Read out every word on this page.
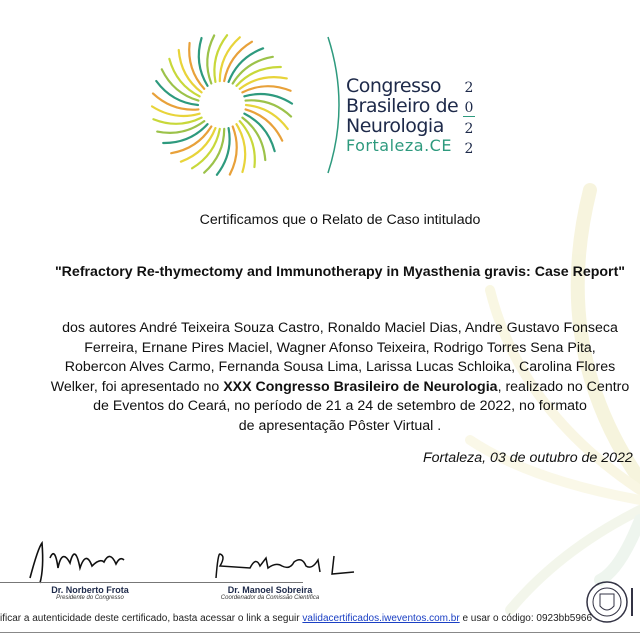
Congresso
Brasileiro de
Neurologia
Fortaleza.CE
2
0
2
2
Certificamos que o Relato de Caso intitulado
"Refractory Re-thymectomy and Immunotherapy in Myasthenia gravis: Case Report"
dos autores André Teixeira Souza Castro, Ronaldo Maciel Dias, Andre Gustavo Fonseca
Ferreira, Ernane Pires Maciel, Wagner Afonso Teixeira, Rodrigo Torres Sena Pita,
Robercon Alves Carmo, Fernanda Sousa Lima, Larissa Lucas Schloika, Carolina Flores
Welker, foi apresentado no XXX Congresso Brasileiro de Neurologia, realizado no Centro
de Eventos do Ceará, no período de 21 a 24 de setembro de 2022, no formato
de apresentação Pôster Virtual .
Fortaleza, 03 de outubro de 2022
Dr. Norberto Frota
Presidente do Congresso
Dr. Manoel Sobreira
Coordenador da Comissão Científica
ificar a autenticidade deste certificado, basta acessar o link a seguir validacertificados.iweventos.com.br e usar o código: 0923bb5966
